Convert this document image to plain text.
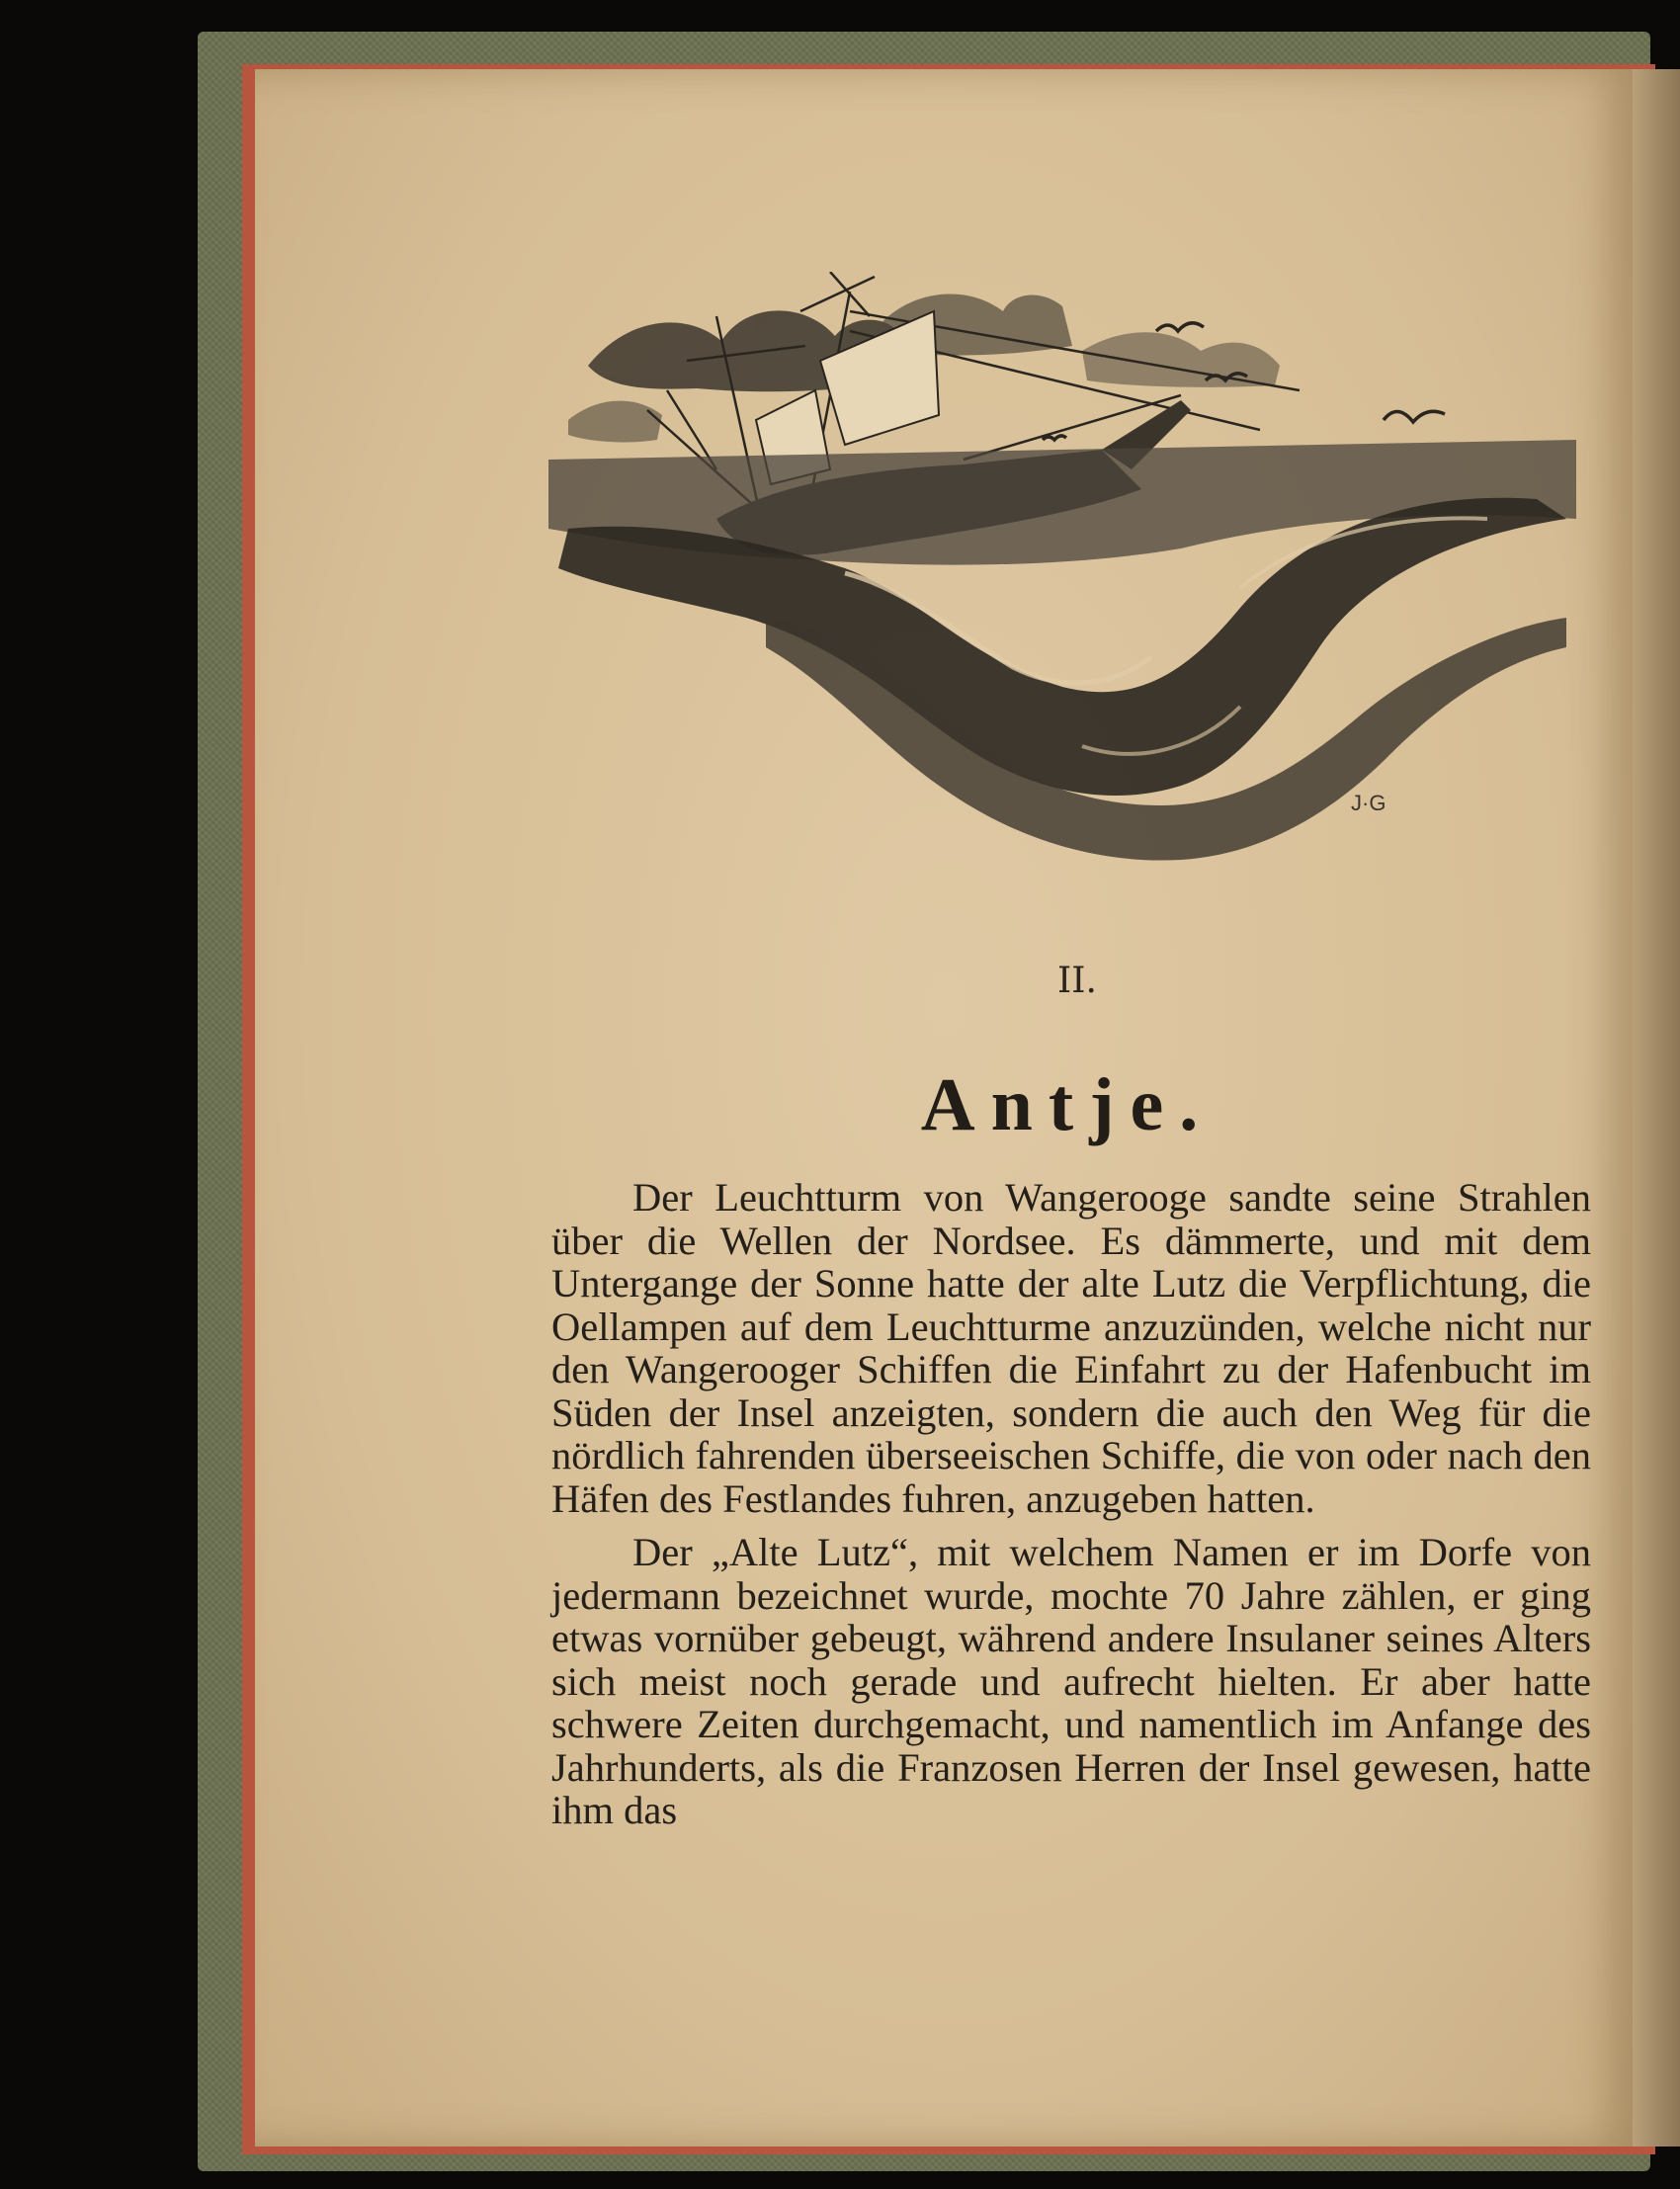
J·G
II.
Antje.

Der Leuchtturm von Wangerooge sandte seine Strahlen über die Wellen der Nordsee. Es dämmerte, und mit dem Untergange der Sonne hatte der alte Lutz die Verpflichtung, die Oellampen auf dem Leuchtturme anzuzünden, welche nicht nur den Wangerooger Schiffen die Einfahrt zu der Hafenbucht im Süden der Insel anzeigten, sondern die auch den Weg für die nördlich fahrenden überseeischen Schiffe, die von oder nach den Häfen des Festlandes fuhren, anzugeben hatten.

Der „Alte Lutz“, mit welchem Namen er im Dorfe von jedermann bezeichnet wurde, mochte 70 Jahre zählen, er ging etwas vornüber gebeugt, während andere Insulaner seines Alters sich meist noch gerade und aufrecht hielten. Er aber hatte schwere Zeiten durchgemacht, und namentlich im Anfange des Jahrhunderts, als die Franzosen Herren der Insel gewesen, hatte ihm das
